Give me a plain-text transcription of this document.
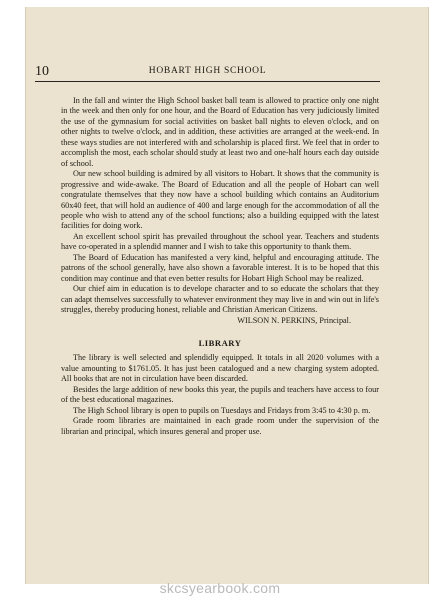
10	HOBART HIGH SCHOOL

In the fall and winter the High School basket ball team is allowed to practice only one night in the week and then only for one hour, and the Board of Education has very judiciously limited the use of the gymnasium for social activities on basket ball nights to eleven o'clock, and on other nights to twelve o'clock, and in addition, these activities are arranged at the week-end. In these ways studies are not interfered with and scholarship is placed first. We feel that in order to accomplish the most, each scholar should study at least two and one-half hours each day outside of school.

Our new school building is admired by all visitors to Hobart. It shows that the community is progressive and wide-awake. The Board of Education and all the people of Hobart can well congratulate themselves that they now have a school building which contains an Auditorium 60x40 feet, that will hold an audience of 400 and large enough for the accommodation of all the people who wish to attend any of the school functions; also a building equipped with the latest facilities for doing work.

An excellent school spirit has prevailed throughout the school year. Teachers and students have co-operated in a splendid manner and I wish to take this opportunity to thank them.

The Board of Education has manifested a very kind, helpful and encouraging attitude. The patrons of the school generally, have also shown a favorable interest. It is to be hoped that this condition may continue and that even better results for Hobart High School may be realized.

Our chief aim in education is to develope character and to so educate the scholars that they can adapt themselves successfully to whatever environment they may live in and win out in life's struggles, thereby producing honest, reliable and Christian American Citizens.

WILSON N. PERKINS, Principal.

LIBRARY

The library is well selected and splendidly equipped. It totals in all 2020 volumes with a value amounting to $1761.05. It has just been catalogued and a new charging system adopted. All books that are not in circulation have been discarded.

Besides the large addition of new books this year, the pupils and teachers have access to four of the best educational magazines.

The High School library is open to pupils on Tuesdays and Fridays from 3:45 to 4:30 p. m.

Grade room libraries are maintained in each grade room under the supervision of the librarian and principal, which insures general and proper use.

skcsyearbook.com
